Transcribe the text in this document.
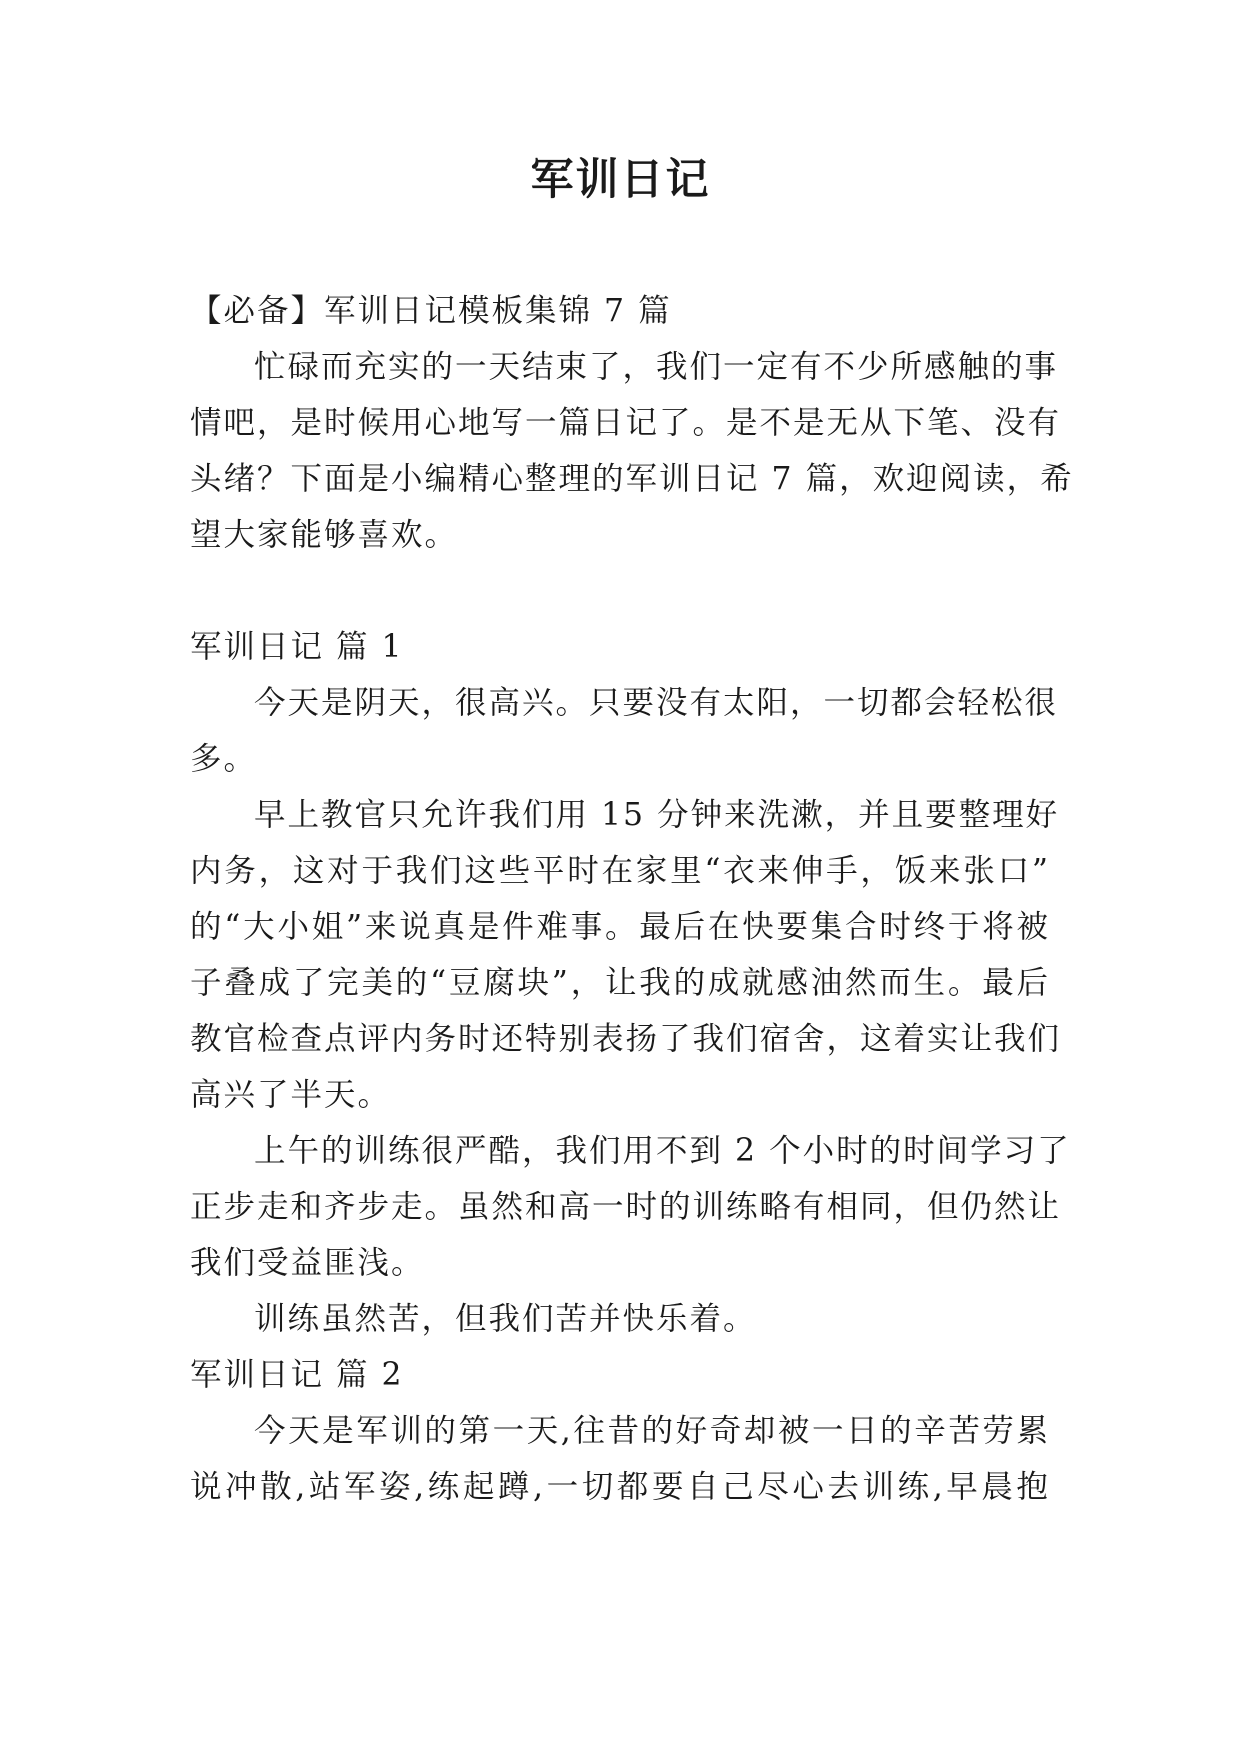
军训日记
【必备】军训日记模板集锦 7 篇
忙碌而充实的一天结束了，我们一定有不少所感触的事
情吧，是时候用心地写一篇日记了。是不是无从下笔、没有
头绪？下面是小编精心整理的军训日记 7 篇，欢迎阅读，希
望大家能够喜欢。
军训日记 篇 1
今天是阴天，很高兴。只要没有太阳，一切都会轻松很
多。
早上教官只允许我们用 15 分钟来洗漱，并且要整理好
内务，这对于我们这些平时在家里“衣来伸手，饭来张口”
的“大小姐”来说真是件难事。最后在快要集合时终于将被
子叠成了完美的“豆腐块”，让我的成就感油然而生。最后
教官检查点评内务时还特别表扬了我们宿舍，这着实让我们
高兴了半天。
上午的训练很严酷，我们用不到 2 个小时的时间学习了
正步走和齐步走。虽然和高一时的训练略有相同，但仍然让
我们受益匪浅。
训练虽然苦，但我们苦并快乐着。
军训日记 篇 2
今天是军训的第一天,往昔的好奇却被一日的辛苦劳累
说冲散,站军姿,练起蹲,一切都要自己尽心去训练,早晨抱
